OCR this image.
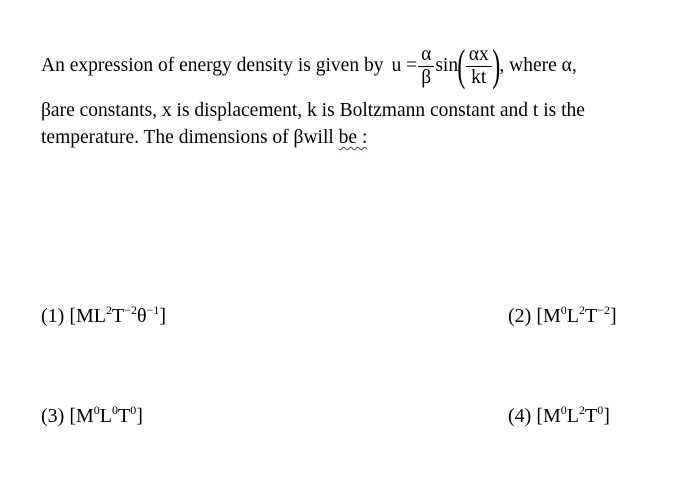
An expression of energy density is given by $u = \frac{\alpha}{\beta}$ sin ( $\frac{\alpha x}{kt}$ ) , where α,
βare constants, x is displacement, k is Boltzmann constant and t is the
temperature. The dimensions of βwill be :
(1) $[ML^2T^{-2}\theta^{-1}]$	(2) $[M^0L^2T^{-2}]$
(3) $[M^0L^0T^0]$	(4) $[M^0L^2T^0]$
